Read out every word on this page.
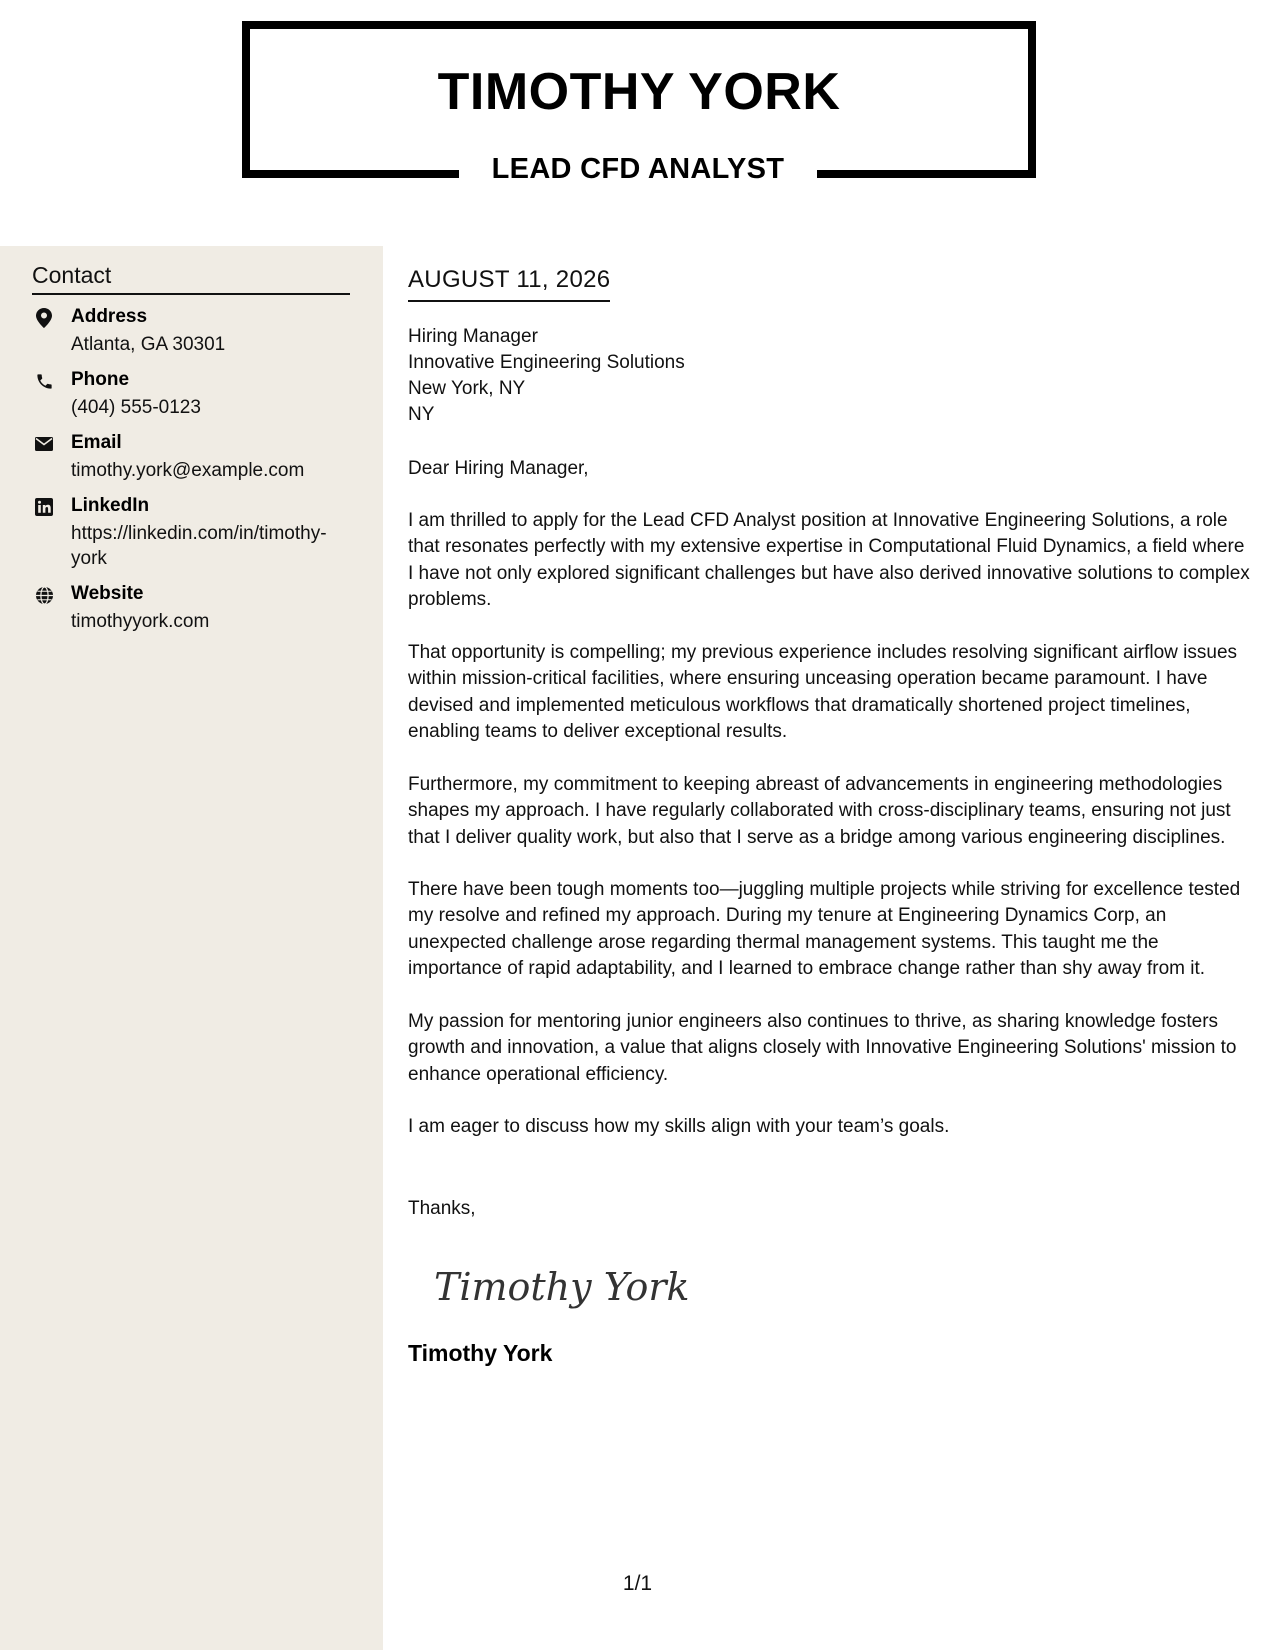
TIMOTHY YORK
LEAD CFD ANALYST
Contact
Address
Atlanta, GA 30301
Phone
(404) 555-0123
Email
timothy.york@example.com
LinkedIn
https://linkedin.com/in/timothy-york
Website
timothyyork.com
AUGUST 11, 2026
Hiring Manager
Innovative Engineering Solutions
New York, NY
NY

Dear Hiring Manager,

I am thrilled to apply for the Lead CFD Analyst position at Innovative Engineering Solutions, a role that resonates perfectly with my extensive expertise in Computational Fluid Dynamics, a field where I have not only explored significant challenges but have also derived innovative solutions to complex problems.

That opportunity is compelling; my previous experience includes resolving significant airflow issues within mission-critical facilities, where ensuring unceasing operation became paramount. I have devised and implemented meticulous workflows that dramatically shortened project timelines, enabling teams to deliver exceptional results.

Furthermore, my commitment to keeping abreast of advancements in engineering methodologies shapes my approach. I have regularly collaborated with cross-disciplinary teams, ensuring not just that I deliver quality work, but also that I serve as a bridge among various engineering disciplines.

There have been tough moments too—juggling multiple projects while striving for excellence tested my resolve and refined my approach. During my tenure at Engineering Dynamics Corp, an unexpected challenge arose regarding thermal management systems. This taught me the importance of rapid adaptability, and I learned to embrace change rather than shy away from it.

My passion for mentoring junior engineers also continues to thrive, as sharing knowledge fosters growth and innovation, a value that aligns closely with Innovative Engineering Solutions' mission to enhance operational efficiency.

I am eager to discuss how my skills align with your team’s goals.

Thanks,

Timothy York
Timothy York
1/1
